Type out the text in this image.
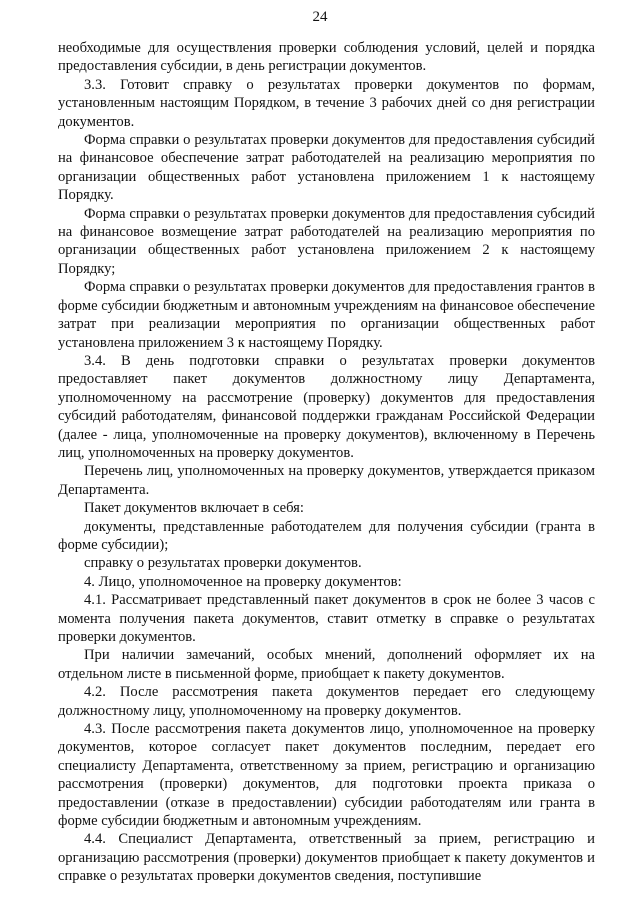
24

необходимые для осуществления проверки соблюдения условий, целей и порядка предоставления субсидии, в день регистрации документов.

3.3. Готовит справку о результатах проверки документов по формам, установленным настоящим Порядком, в течение 3 рабочих дней со дня регистрации документов.

Форма справки о результатах проверки документов для предоставления субсидий на финансовое обеспечение затрат работодателей на реализацию мероприятия по организации общественных работ установлена приложением 1 к настоящему Порядку.

Форма справки о результатах проверки документов для предоставления субсидий на финансовое возмещение затрат работодателей на реализацию мероприятия по организации общественных работ установлена приложением 2 к настоящему Порядку;

Форма справки о результатах проверки документов для предоставления грантов в форме субсидии бюджетным и автономным учреждениям на финансовое обеспечение затрат при реализации мероприятия по организации общественных работ установлена приложением 3 к настоящему Порядку.

3.4. В день подготовки справки о результатах проверки документов предоставляет пакет документов должностному лицу Департамента, уполномоченному на рассмотрение (проверку) документов для предоставления субсидий работодателям, финансовой поддержки гражданам Российской Федерации (далее - лица, уполномоченные на проверку документов), включенному в Перечень лиц, уполномоченных на проверку документов.

Перечень лиц, уполномоченных на проверку документов, утверждается приказом Департамента.

Пакет документов включает в себя:

документы, представленные работодателем для получения субсидии (гранта в форме субсидии);

справку о результатах проверки документов.

4. Лицо, уполномоченное на проверку документов:

4.1. Рассматривает представленный пакет документов в срок не более 3 часов с момента получения пакета документов, ставит отметку в справке о результатах проверки документов.

При наличии замечаний, особых мнений, дополнений оформляет их на отдельном листе в письменной форме, приобщает к пакету документов.

4.2. После рассмотрения пакета документов передает его следующему должностному лицу, уполномоченному на проверку документов.

4.3. После рассмотрения пакета документов лицо, уполномоченное на проверку документов, которое согласует пакет документов последним, передает его специалисту Департамента, ответственному за прием, регистрацию и организацию рассмотрения (проверки) документов, для подготовки проекта приказа о предоставлении (отказе в предоставлении) субсидии работодателям или гранта в форме субсидии бюджетным и автономным учреждениям.

4.4. Специалист Департамента, ответственный за прием, регистрацию и организацию рассмотрения (проверки) документов приобщает к пакету документов и справке о результатах проверки документов сведения, поступившие
